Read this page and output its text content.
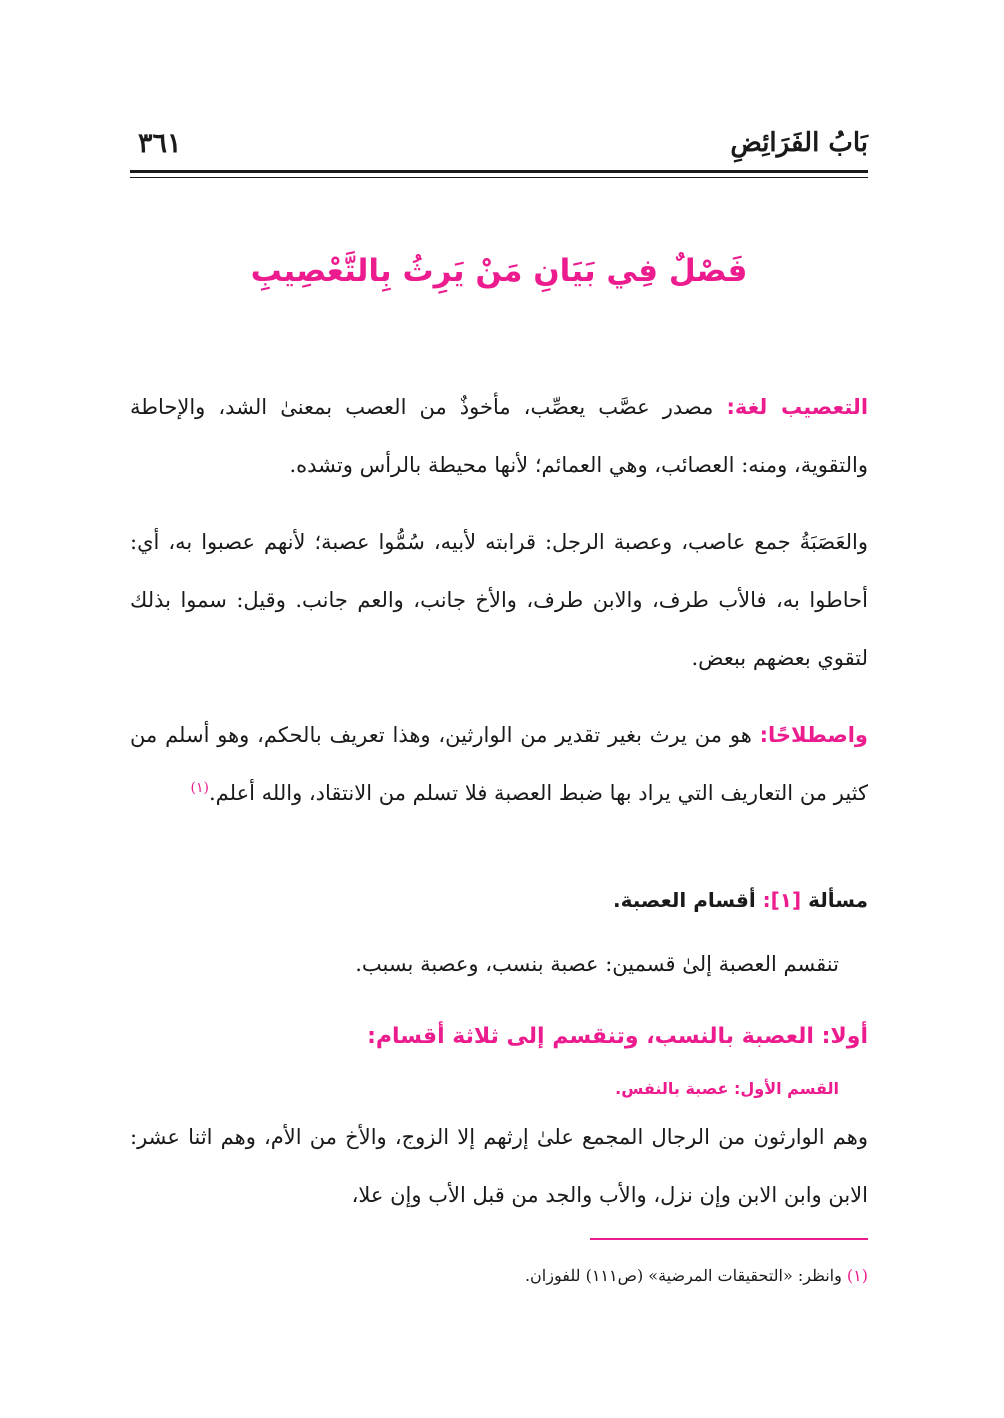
بَابُ الفَرَائِضِ
٣٦١
فَصْلٌ فِي بَيَانِ مَنْ يَرِثُ بِالتَّعْصِيبِ
التعصيب لغة: مصدر عصَّب يعصِّب، مأخوذٌ من العصب بمعنىٰ الشد، والإحاطة والتقوية، ومنه: العصائب، وهي العمائم؛ لأنها محيطة بالرأس وتشده.
والعَصَبَةُ جمع عاصب، وعصبة الرجل: قرابته لأبيه، سُمُّوا عصبة؛ لأنهم عصبوا به، أي: أحاطوا به، فالأب طرف، والابن طرف، والأخ جانب، والعم جانب. وقيل: سموا بذلك لتقوي بعضهم ببعض.
واصطلاحًا: هو من يرث بغير تقدير من الوارثين، وهذا تعريف بالحكم، وهو أسلم من كثير من التعاريف التي يراد بها ضبط العصبة فلا تسلم من الانتقاد، والله أعلم.$^{(١)}$
مسألة [١]: أقسام العصبة.
تنقسم العصبة إلىٰ قسمين: عصبة بنسب، وعصبة بسبب.
أولا: العصبة بالنسب، وتنقسم إلى ثلاثة أقسام:
القسم الأول: عصبة بالنفس.
وهم الوارثون من الرجال المجمع علىٰ إرثهم إلا الزوج، والأخ من الأم، وهم اثنا عشر: الابن وابن الابن وإن نزل، والأب والجد من قبل الأب وإن علا،
(١) وانظر: «التحقيقات المرضية» (ص١١١) للفوزان.
